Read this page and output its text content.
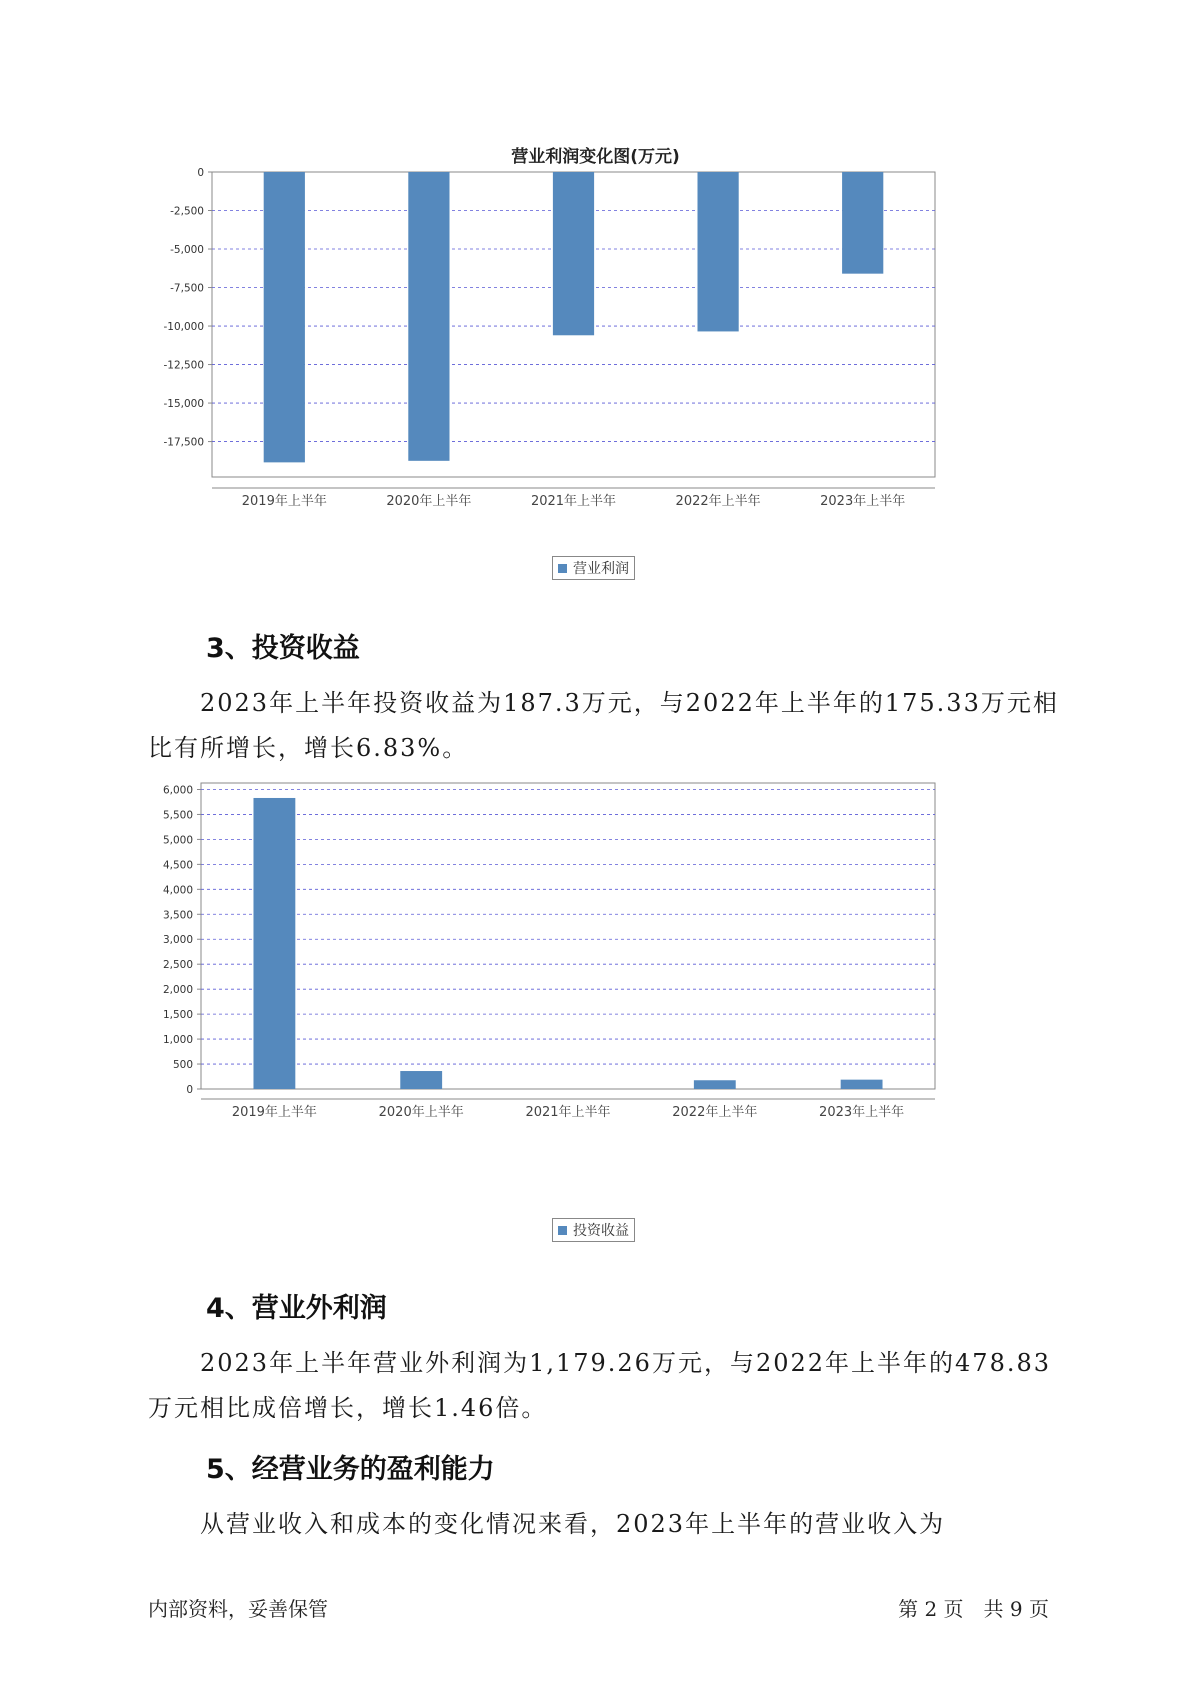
营业利润变化图(万元)
0
-2,500
-5,000
-7,500
-10,000
-12,500
-15,000
-17,500
2019年上半年	2020年上半年	2021年上半年	2022年上半年	2023年上半年
营业利润
3、投资收益
2023年上半年投资收益为187.3万元，与2022年上半年的175.33万元相
比有所增长，增长6.83%。
6,000
5,500
5,000
4,500
4,000
3,500
3,000
2,500
2,000
1,500
1,000
500
0
2019年上半年	2020年上半年	2021年上半年	2022年上半年	2023年上半年
投资收益
4、营业外利润
2023年上半年营业外利润为1,179.26万元，与2022年上半年的478.83
万元相比成倍增长，增长1.46倍。
5、经营业务的盈利能力
从营业收入和成本的变化情况来看，2023年上半年的营业收入为
内部资料，妥善保管	第 2 页　共 9 页
